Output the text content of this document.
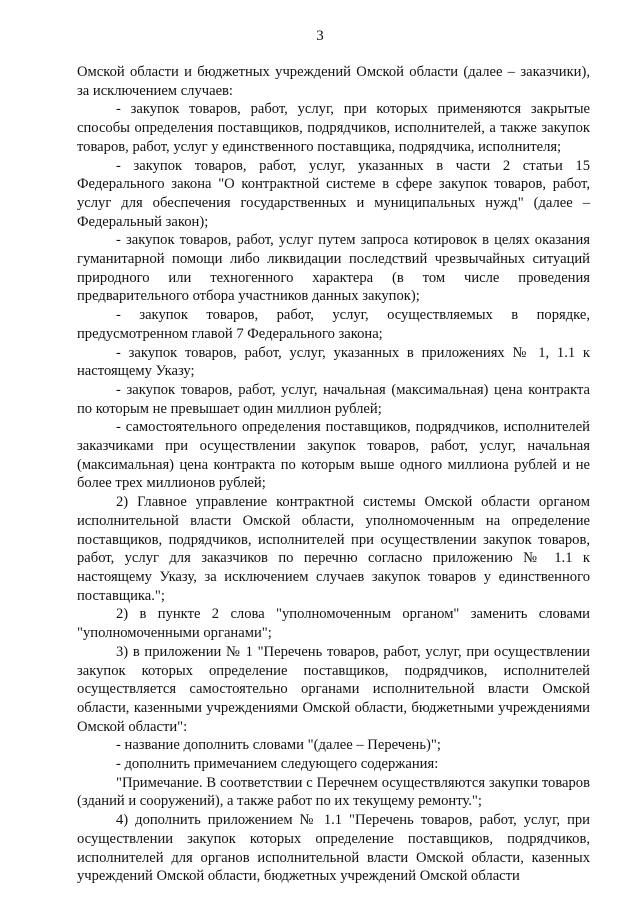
3

Омской области и бюджетных учреждений Омской области (далее – заказчики), за исключением случаев:

- закупок товаров, работ, услуг, при которых применяются закрытые способы определения поставщиков, подрядчиков, исполнителей, а также закупок товаров, работ, услуг у единственного поставщика, подрядчика, исполнителя;

- закупок товаров, работ, услуг, указанных в части 2 статьи 15 Федерального закона "О контрактной системе в сфере закупок товаров, работ, услуг для обеспечения государственных и муниципальных нужд" (далее – Федеральный закон);

- закупок товаров, работ, услуг путем запроса котировок в целях оказания гуманитарной помощи либо ликвидации последствий чрезвычайных ситуаций природного или техногенного характера (в том числе проведения предварительного отбора участников данных закупок);

- закупок товаров, работ, услуг, осуществляемых в порядке, предусмотренном главой 7 Федерального закона;

- закупок товаров, работ, услуг, указанных в приложениях № 1, 1.1 к настоящему Указу;

- закупок товаров, работ, услуг, начальная (максимальная) цена контракта по которым не превышает один миллион рублей;

- самостоятельного определения поставщиков, подрядчиков, исполнителей заказчиками при осуществлении закупок товаров, работ, услуг, начальная (максимальная) цена контракта по которым выше одного миллиона рублей и не более трех миллионов рублей;

2) Главное управление контрактной системы Омской области органом исполнительной власти Омской области, уполномоченным на определение поставщиков, подрядчиков, исполнителей при осуществлении закупок товаров, работ, услуг для заказчиков по перечню согласно приложению № 1.1 к настоящему Указу, за исключением случаев закупок товаров у единственного поставщика.";

2) в пункте 2 слова "уполномоченным органом" заменить словами "уполномоченными органами";

3) в приложении № 1 "Перечень товаров, работ, услуг, при осуществлении закупок которых определение поставщиков, подрядчиков, исполнителей осуществляется самостоятельно органами исполнительной власти Омской области, казенными учреждениями Омской области, бюджетными учреждениями Омской области":

- название дополнить словами "(далее – Перечень)";

- дополнить примечанием следующего содержания:

"Примечание. В соответствии с Перечнем осуществляются закупки товаров (зданий и сооружений), а также работ по их текущему ремонту.";

4) дополнить приложением № 1.1 "Перечень товаров, работ, услуг, при осуществлении закупок которых определение поставщиков, подрядчиков, исполнителей для органов исполнительной власти Омской области, казенных учреждений Омской области, бюджетных учреждений Омской области
